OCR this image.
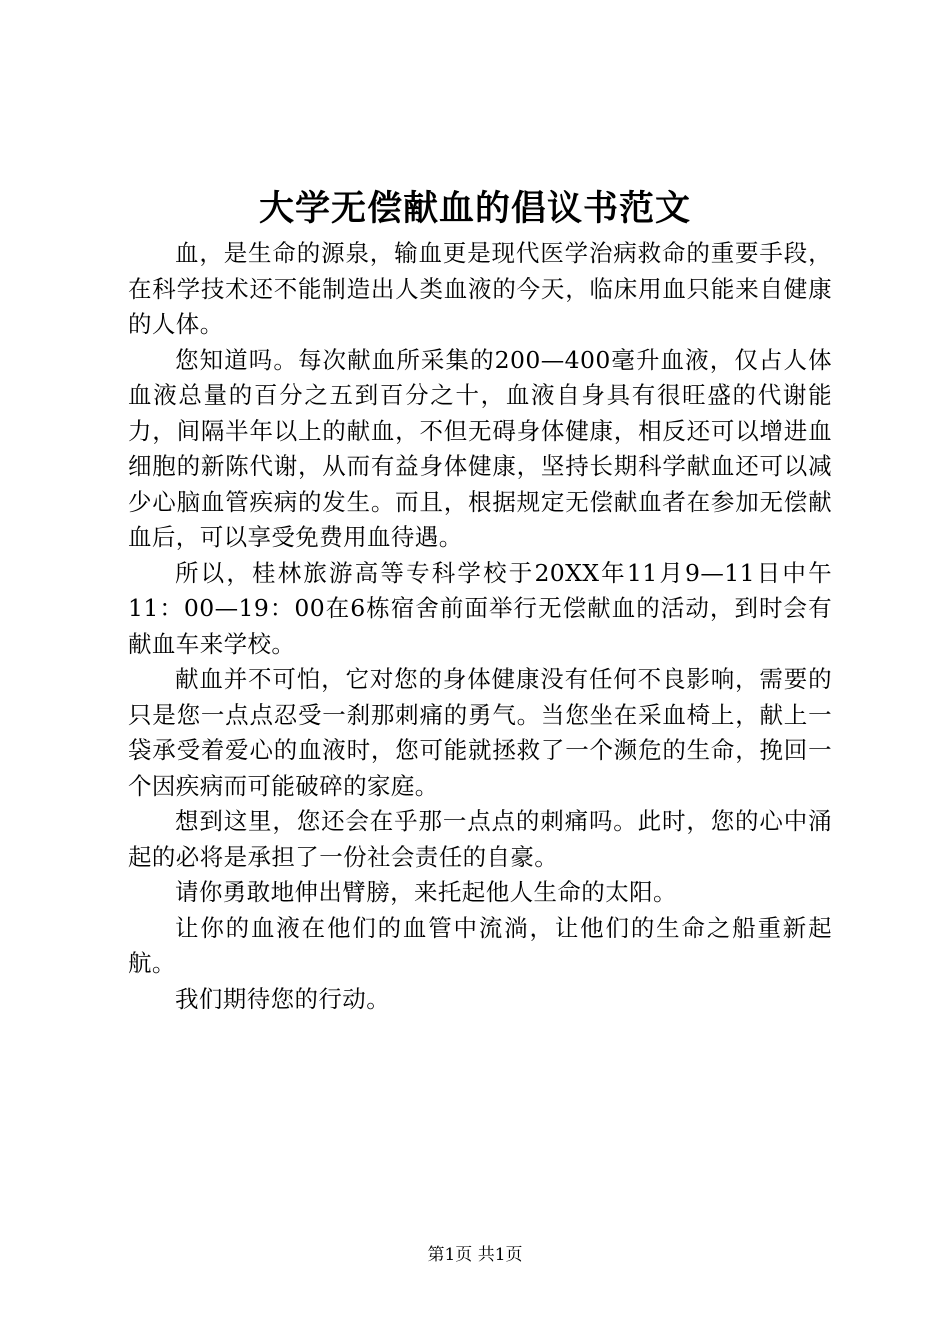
大学无偿献血的倡议书范文

血，是生命的源泉，输血更是现代医学治病救命的重要手段，在科学技术还不能制造出人类血液的今天，临床用血只能来自健康的人体。

您知道吗。每次献血所采集的200—400毫升血液，仅占人体血液总量的百分之五到百分之十，血液自身具有很旺盛的代谢能力，间隔半年以上的献血，不但无碍身体健康，相反还可以增进血细胞的新陈代谢，从而有益身体健康，坚持长期科学献血还可以减少心脑血管疾病的发生。而且，根据规定无偿献血者在参加无偿献血后，可以享受免费用血待遇。

所以，桂林旅游高等专科学校于20XX年11月9—11日中午11：00—19：00在6栋宿舍前面举行无偿献血的活动，到时会有献血车来学校。

献血并不可怕，它对您的身体健康没有任何不良影响，需要的只是您一点点忍受一刹那刺痛的勇气。当您坐在采血椅上，献上一袋承受着爱心的血液时，您可能就拯救了一个濒危的生命，挽回一个因疾病而可能破碎的家庭。

想到这里，您还会在乎那一点点的刺痛吗。此时，您的心中涌起的必将是承担了一份社会责任的自豪。

请你勇敢地伸出臂膀，来托起他人生命的太阳。

让你的血液在他们的血管中流淌，让他们的生命之船重新起航。

我们期待您的行动。

第1页 共1页
